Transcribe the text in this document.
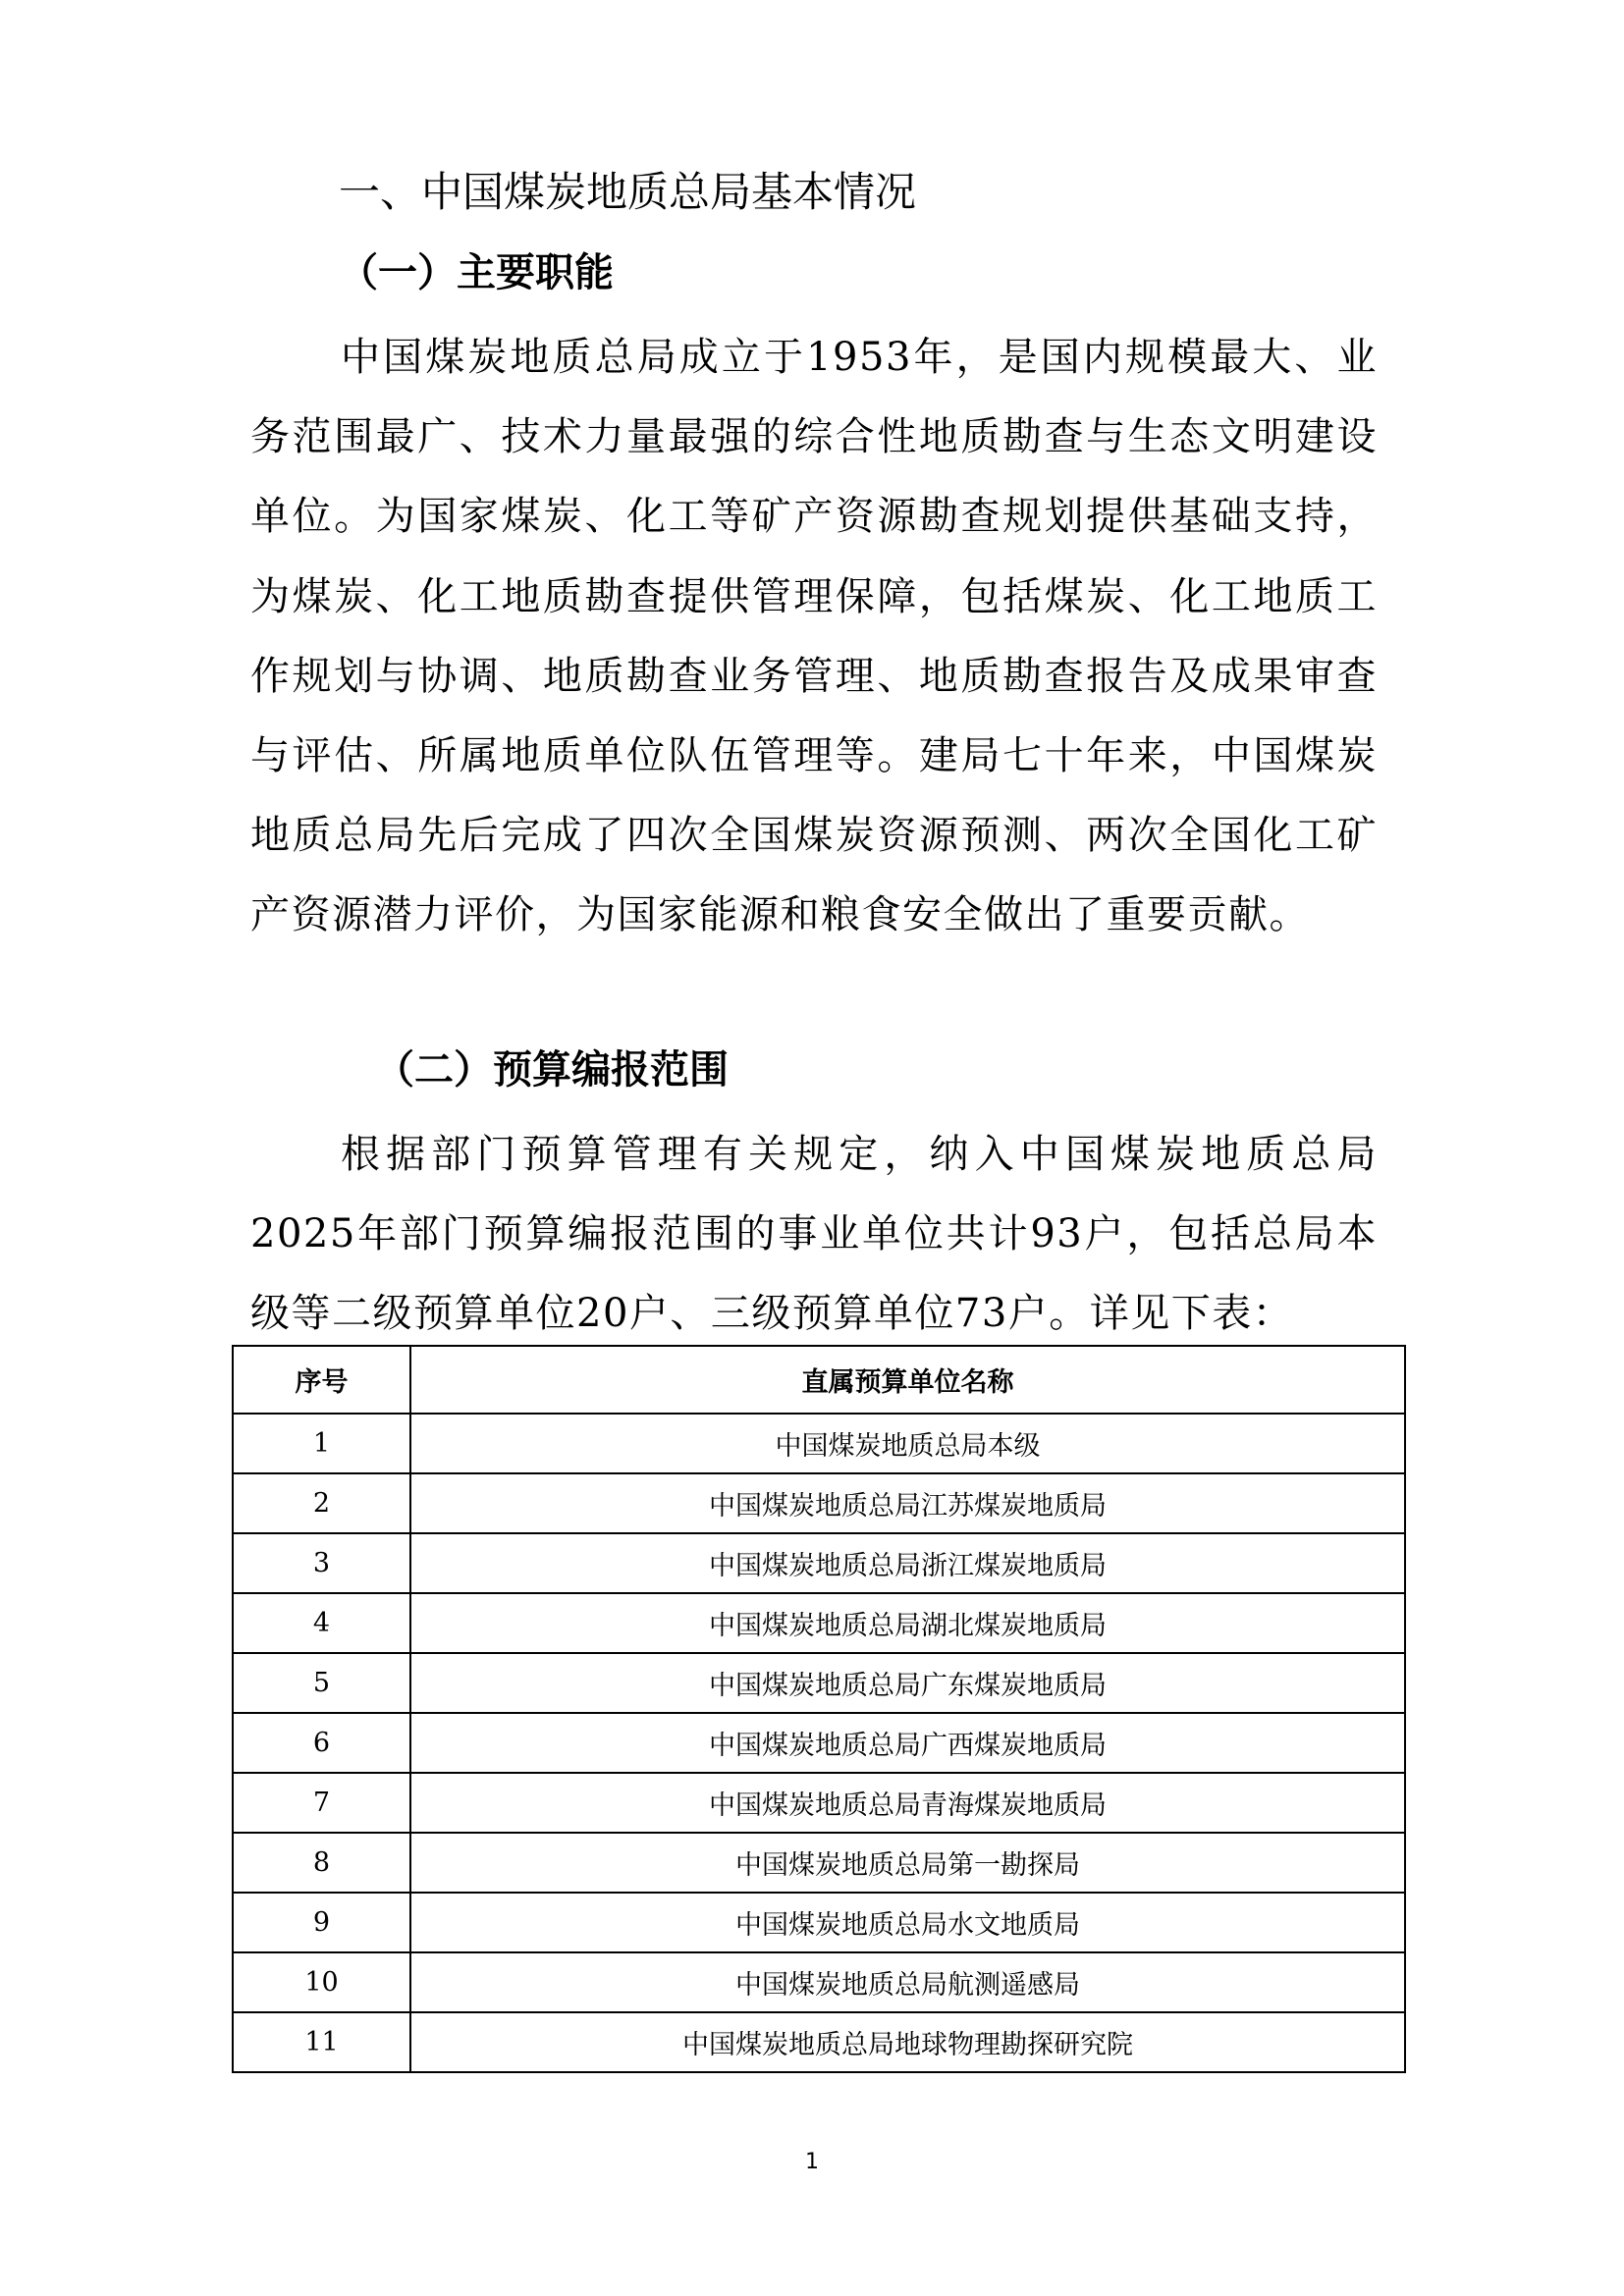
一、中国煤炭地质总局基本情况
（一）主要职能

中国煤炭地质总局成立于1953年，是国内规模最大、业务范围最广、技术力量最强的综合性地质勘查与生态文明建设单位。为国家煤炭、化工等矿产资源勘查规划提供基础支持，为煤炭、化工地质勘查提供管理保障，包括煤炭、化工地质工作规划与协调、地质勘查业务管理、地质勘查报告及成果审查与评估、所属地质单位队伍管理等。建局七十年来，中国煤炭地质总局先后完成了四次全国煤炭资源预测、两次全国化工矿产资源潜力评价，为国家能源和粮食安全做出了重要贡献。

（二）预算编报范围

根据部门预算管理有关规定，纳入中国煤炭地质总局2025年部门预算编报范围的事业单位共计93户，包括总局本级等二级预算单位20户、三级预算单位73户。详见下表：

序号	直属预算单位名称
1	中国煤炭地质总局本级
2	中国煤炭地质总局江苏煤炭地质局
3	中国煤炭地质总局浙江煤炭地质局
4	中国煤炭地质总局湖北煤炭地质局
5	中国煤炭地质总局广东煤炭地质局
6	中国煤炭地质总局广西煤炭地质局
7	中国煤炭地质总局青海煤炭地质局
8	中国煤炭地质总局第一勘探局
9	中国煤炭地质总局水文地质局
10	中国煤炭地质总局航测遥感局
11	中国煤炭地质总局地球物理勘探研究院
1
